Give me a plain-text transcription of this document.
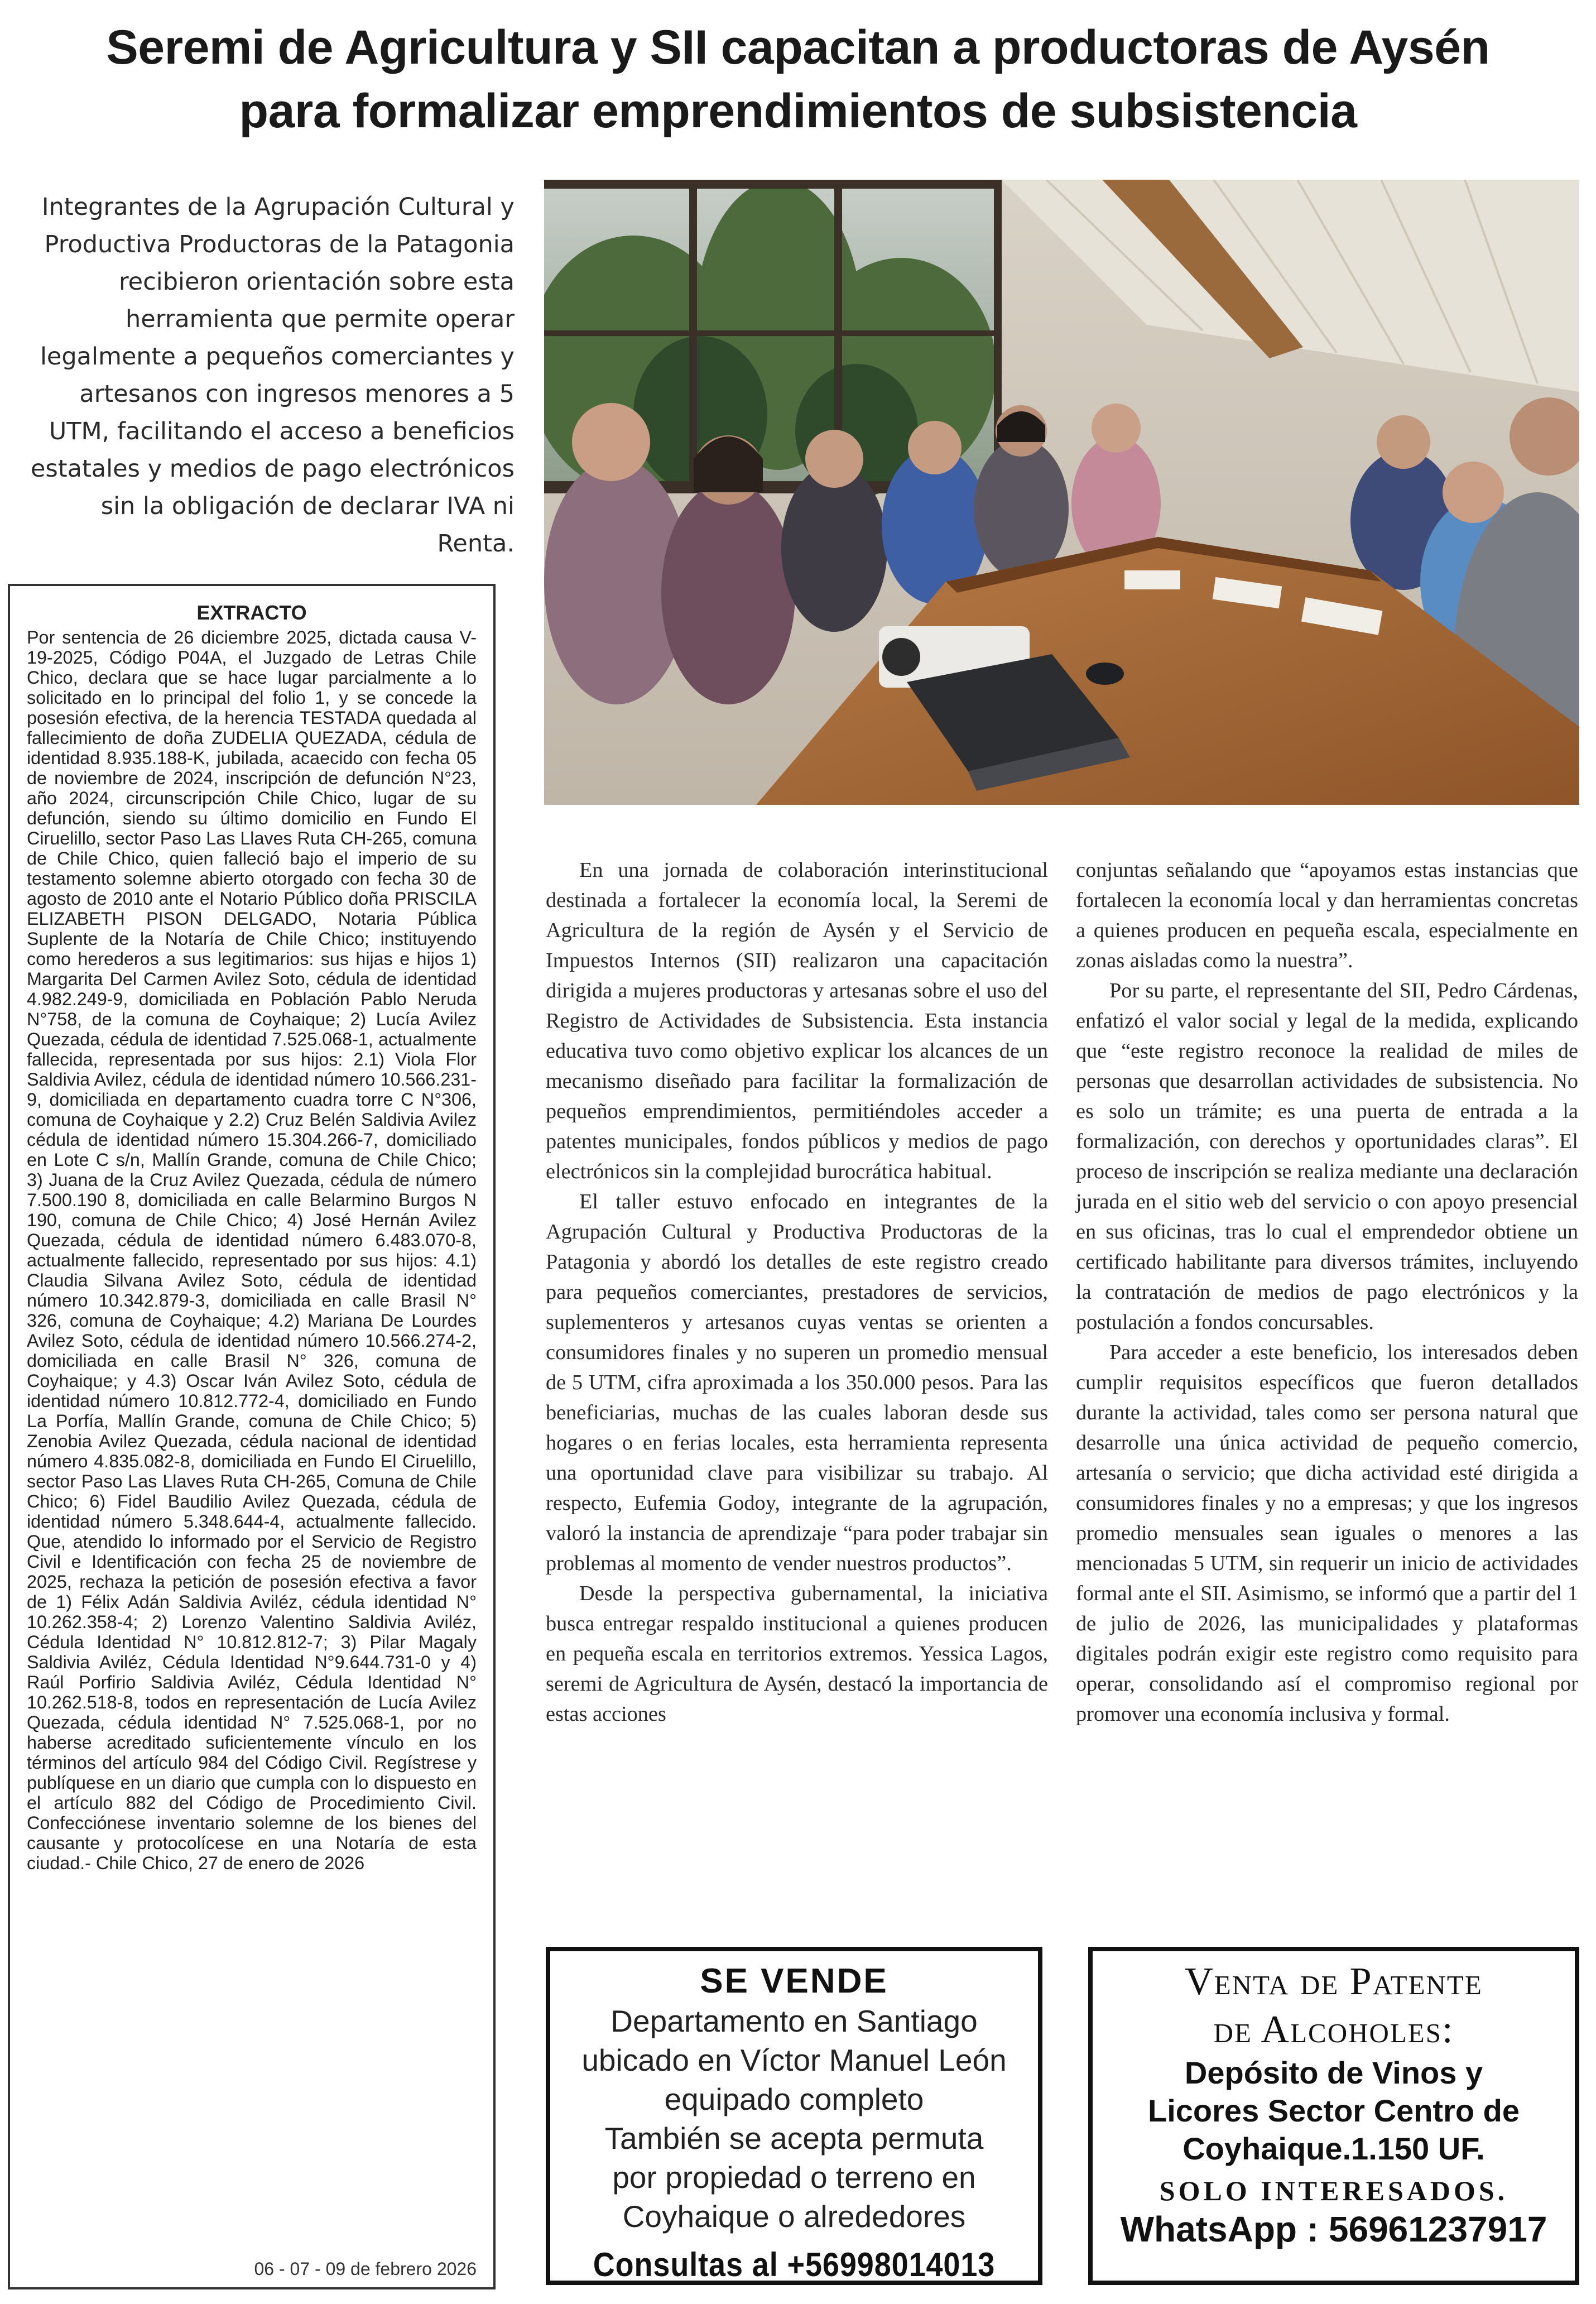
Seremi de Agricultura y SII capacitan a productoras de Aysén
para formalizar emprendimientos de subsistencia
Integrantes de la Agrupación Cultural y Productiva Productoras de la Patagonia recibieron orientación sobre esta herramienta que permite operar legalmente a pequeños comerciantes y artesanos con ingresos menores a 5 UTM, facilitando el acceso a beneficios estatales y medios de pago electrónicos sin la obligación de declarar IVA ni Renta.
EXTRACTO

Por sentencia de 26 diciembre 2025, dictada causa V-19-2025, Código P04A, el Juzgado de Letras Chile Chico, declara que se hace lugar parcialmente a lo solicitado en lo principal del folio 1, y se concede la posesión efectiva, de la herencia TESTADA quedada al fallecimiento de doña ZUDELIA QUEZADA, cédula de identidad 8.935.188-K, jubilada, acaecido con fecha 05 de noviembre de 2024, inscripción de defunción N°23, año 2024, circunscripción Chile Chico, lugar de su defunción, siendo su último domicilio en Fundo El Ciruelillo, sector Paso Las Llaves Ruta CH-265, comuna de Chile Chico, quien falleció bajo el imperio de su testamento solemne abierto otorgado con fecha 30 de agosto de 2010 ante el Notario Público doña PRISCILA ELIZABETH PISON DELGADO, Notaria Pública Suplente de la Notaría de Chile Chico; instituyendo como herederos a sus legitimarios: sus hijas e hijos 1) Margarita Del Carmen Avilez Soto, cédula de identidad 4.982.249-9, domiciliada en Población Pablo Neruda N°758, de la comuna de Coyhaique; 2) Lucía Avilez Quezada, cédula de identidad 7.525.068-1, actualmente fallecida, representada por sus hijos: 2.1) Viola Flor Saldivia Avilez, cédula de identidad número 10.566.231-9, domiciliada en departamento cuadra torre C N°306, comuna de Coyhaique y 2.2) Cruz Belén Saldivia Avilez cédula de identidad número 15.304.266-7, domiciliado en Lote C s/n, Mallín Grande, comuna de Chile Chico; 3) Juana de la Cruz Avilez Quezada, cédula de número 7.500.190 8, domiciliada en calle Belarmino Burgos N 190, comuna de Chile Chico; 4) José Hernán Avilez Quezada, cédula de identidad número 6.483.070-8, actualmente fallecido, representado por sus hijos: 4.1) Claudia Silvana Avilez Soto, cédula de identidad número 10.342.879-3, domiciliada en calle Brasil N° 326, comuna de Coyhaique; 4.2) Mariana De Lourdes Avilez Soto, cédula de identidad número 10.566.274-2, domiciliada en calle Brasil N° 326, comuna de Coyhaique; y 4.3) Oscar Iván Avilez Soto, cédula de identidad número 10.812.772-4, domiciliado en Fundo La Porfía, Mallín Grande, comuna de Chile Chico; 5) Zenobia Avilez Quezada, cédula nacional de identidad número 4.835.082-8, domiciliada en Fundo El Ciruelillo, sector Paso Las Llaves Ruta CH-265, Comuna de Chile Chico; 6) Fidel Baudilio Avilez Quezada, cédula de identidad número 5.348.644-4, actualmente fallecido. Que, atendido lo informado por el Servicio de Registro Civil e Identificación con fecha 25 de noviembre de 2025, rechaza la petición de posesión efectiva a favor de 1) Félix Adán Saldivia Aviléz, cédula identidad N° 10.262.358-4; 2) Lorenzo Valentino Saldivia Aviléz, Cédula Identidad N° 10.812.812-7; 3) Pilar Magaly Saldivia Aviléz, Cédula Identidad N°9.644.731-0 y 4) Raúl Porfirio Saldivia Aviléz, Cédula Identidad N° 10.262.518-8, todos en representación de Lucía Avilez Quezada, cédula identidad N° 7.525.068-1, por no haberse acreditado suficientemente vínculo en los términos del artículo 984 del Código Civil. Regístrese y publíquese en un diario que cumpla con lo dispuesto en el artículo 882 del Código de Procedimiento Civil. Confecciónese inventario solemne de los bienes del causante y protocolícese en una Notaría de esta ciudad.- Chile Chico, 27 de enero de 2026

06 - 07 - 09 de febrero 2026

En una jornada de colaboración interinstitucional destinada a fortalecer la economía local, la Seremi de Agricultura de la región de Aysén y el Servicio de Impuestos Internos (SII) realizaron una capacitación dirigida a mujeres productoras y artesanas sobre el uso del Registro de Actividades de Subsistencia. Esta instancia educativa tuvo como objetivo explicar los alcances de un mecanismo diseñado para facilitar la formalización de pequeños emprendimientos, permitiéndoles acceder a patentes municipales, fondos públicos y medios de pago electrónicos sin la complejidad burocrática habitual.

El taller estuvo enfocado en integrantes de la Agrupación Cultural y Productiva Productoras de la Patagonia y abordó los detalles de este registro creado para pequeños comerciantes, prestadores de servicios, suplementeros y artesanos cuyas ventas se orienten a consumidores finales y no superen un promedio mensual de 5 UTM, cifra aproximada a los 350.000 pesos. Para las beneficiarias, muchas de las cuales laboran desde sus hogares o en ferias locales, esta herramienta representa una oportunidad clave para visibilizar su trabajo. Al respecto, Eufemia Godoy, integrante de la agrupación, valoró la instancia de aprendizaje “para poder trabajar sin problemas al momento de vender nuestros productos”.

Desde la perspectiva gubernamental, la iniciativa busca entregar respaldo institucional a quienes producen en pequeña escala en territorios extremos. Yessica Lagos, seremi de Agricultura de Aysén, destacó la importancia de estas acciones

conjuntas señalando que “apoyamos estas instancias que fortalecen la economía local y dan herramientas concretas a quienes producen en pequeña escala, especialmente en zonas aisladas como la nuestra”.

Por su parte, el representante del SII, Pedro Cárdenas, enfatizó el valor social y legal de la medida, explicando que “este registro reconoce la realidad de miles de personas que desarrollan actividades de subsistencia. No es solo un trámite; es una puerta de entrada a la formalización, con derechos y oportunidades claras”. El proceso de inscripción se realiza mediante una declaración jurada en el sitio web del servicio o con apoyo presencial en sus oficinas, tras lo cual el emprendedor obtiene un certificado habilitante para diversos trámites, incluyendo la contratación de medios de pago electrónicos y la postulación a fondos concursables.

Para acceder a este beneficio, los interesados deben cumplir requisitos específicos que fueron detallados durante la actividad, tales como ser persona natural que desarrolle una única actividad de pequeño comercio, artesanía o servicio; que dicha actividad esté dirigida a consumidores finales y no a empresas; y que los ingresos promedio mensuales sean iguales o menores a las mencionadas 5 UTM, sin requerir un inicio de actividades formal ante el SII. Asimismo, se informó que a partir del 1 de julio de 2026, las municipalidades y plataformas digitales podrán exigir este registro como requisito para operar, consolidando así el compromiso regional por promover una economía inclusiva y formal.

SE VENDE
Departamento en Santiago
ubicado en Víctor Manuel León
equipado completo
También se acepta permuta
por propiedad o terreno en
Coyhaique o alrededores
Consultas al +56998014013
Venta de Patente
de Alcoholes:
Depósito de Vinos y
Licores Sector Centro de
Coyhaique.1.150 UF.
SOLO INTERESADOS.
WhatsApp : 56961237917
